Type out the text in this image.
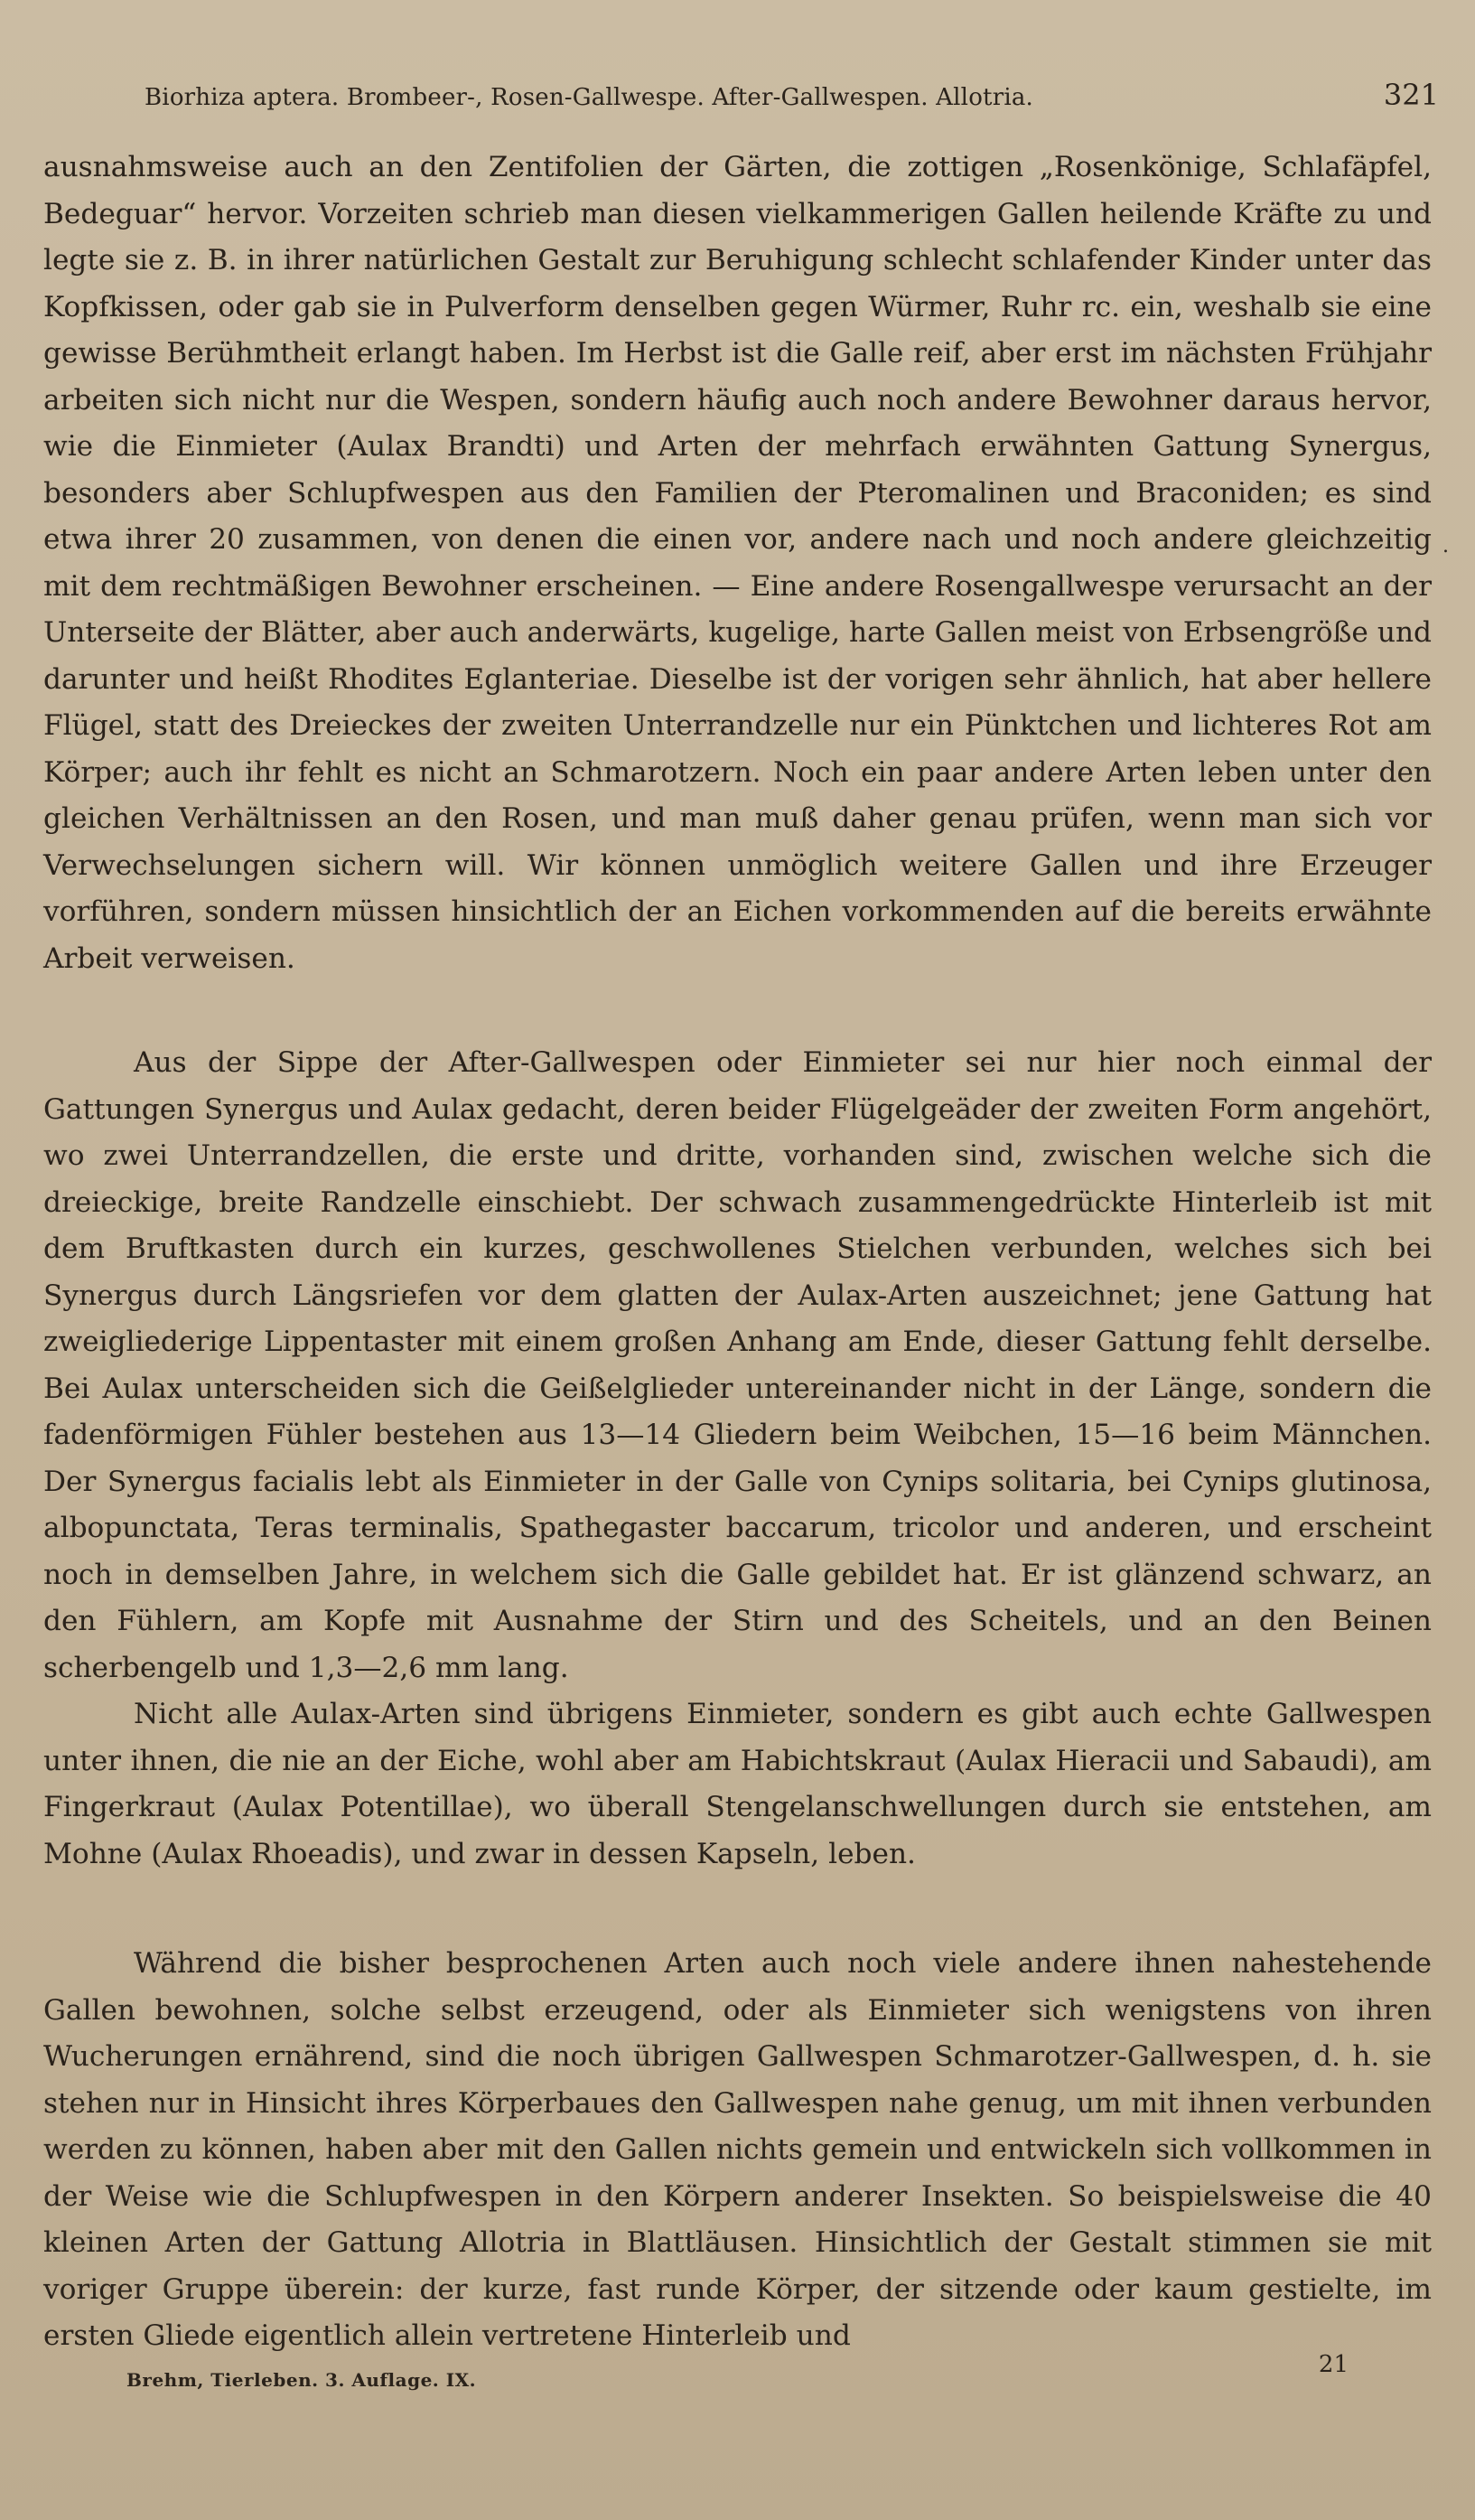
Biorhiza aptera. Brombeer-, Rosen-Gallwespe. After-Gallwespen. Allotria.	321
.

ausnahmsweise auch an den Zentifolien der Gärten, die zottigen „Rosenkönige, Schlafäpfel, Bedeguar“ hervor. Vorzeiten schrieb man diesen vielkammerigen Gallen heilende Kräfte zu und legte sie z. B. in ihrer natürlichen Gestalt zur Beruhigung schlecht schlafender Kinder unter das Kopfkissen, oder gab sie in Pulverform denselben gegen Würmer, Ruhr rc. ein, weshalb sie eine gewisse Berühmtheit erlangt haben. Im Herbst ist die Galle reif, aber erst im nächsten Frühjahr arbeiten sich nicht nur die Wespen, sondern häufig auch noch andere Bewohner daraus hervor, wie die Einmieter (Aulax Brandti) und Arten der mehrfach erwähnten Gattung Synergus, besonders aber Schlupfwespen aus den Familien der Pteromalinen und Braconiden; es sind etwa ihrer 20 zusammen, von denen die einen vor, andere nach und noch andere gleichzeitig mit dem rechtmäßigen Bewohner erscheinen. — Eine andere Rosengallwespe verursacht an der Unterseite der Blätter, aber auch anderwärts, kugelige, harte Gallen meist von Erbsengröße und darunter und heißt Rhodites Eglanteriae. Dieselbe ist der vorigen sehr ähnlich, hat aber hellere Flügel, statt des Dreieckes der zweiten Unterrandzelle nur ein Pünktchen und lichteres Rot am Körper; auch ihr fehlt es nicht an Schmarotzern. Noch ein paar andere Arten leben unter den gleichen Verhältnissen an den Rosen, und man muß daher genau prüfen, wenn man sich vor Verwechselungen sichern will. Wir können unmöglich weitere Gallen und ihre Erzeuger vorführen, sondern müssen hinsichtlich der an Eichen vorkommenden auf die bereits erwähnte Arbeit verweisen.

Aus der Sippe der After-Gallwespen oder Einmieter sei nur hier noch einmal der Gattungen Synergus und Aulax gedacht, deren beider Flügelgeäder der zweiten Form angehört, wo zwei Unterrandzellen, die erste und dritte, vorhanden sind, zwischen welche sich die dreieckige, breite Randzelle einschiebt. Der schwach zusammengedrückte Hinterleib ist mit dem Bruftkasten durch ein kurzes, geschwollenes Stielchen verbunden, welches sich bei Synergus durch Längsriefen vor dem glatten der Aulax-Arten auszeichnet; jene Gattung hat zweigliederige Lippentaster mit einem großen Anhang am Ende, dieser Gattung fehlt derselbe. Bei Aulax unterscheiden sich die Geißelglieder untereinander nicht in der Länge, sondern die fadenförmigen Fühler bestehen aus 13—14 Gliedern beim Weibchen, 15—16 beim Männchen. Der Synergus facialis lebt als Einmieter in der Galle von Cynips solitaria, bei Cynips glutinosa, albopunctata, Teras terminalis, Spathegaster baccarum, tricolor und anderen, und erscheint noch in demselben Jahre, in welchem sich die Galle gebildet hat. Er ist glänzend schwarz, an den Fühlern, am Kopfe mit Ausnahme der Stirn und des Scheitels, und an den Beinen scherbengelb und 1,3—2,6 mm lang.

Nicht alle Aulax-Arten sind übrigens Einmieter, sondern es gibt auch echte Gallwespen unter ihnen, die nie an der Eiche, wohl aber am Habichtskraut (Aulax Hieracii und Sabaudi), am Fingerkraut (Aulax Potentillae), wo überall Stengelanschwellungen durch sie entstehen, am Mohne (Aulax Rhoeadis), und zwar in dessen Kapseln, leben.

Während die bisher besprochenen Arten auch noch viele andere ihnen nahestehende Gallen bewohnen, solche selbst erzeugend, oder als Einmieter sich wenigstens von ihren Wucherungen ernährend, sind die noch übrigen Gallwespen Schmarotzer-Gallwespen, d. h. sie stehen nur in Hinsicht ihres Körperbaues den Gallwespen nahe genug, um mit ihnen verbunden werden zu können, haben aber mit den Gallen nichts gemein und entwickeln sich vollkommen in der Weise wie die Schlupfwespen in den Körpern anderer Insekten. So beispielsweise die 40 kleinen Arten der Gattung Allotria in Blattläusen. Hinsichtlich der Gestalt stimmen sie mit voriger Gruppe überein: der kurze, fast runde Körper, der sitzende oder kaum gestielte, im ersten Gliede eigentlich allein vertretene Hinterleib und

Brehm, Tierleben. 3. Auflage. IX.
21
